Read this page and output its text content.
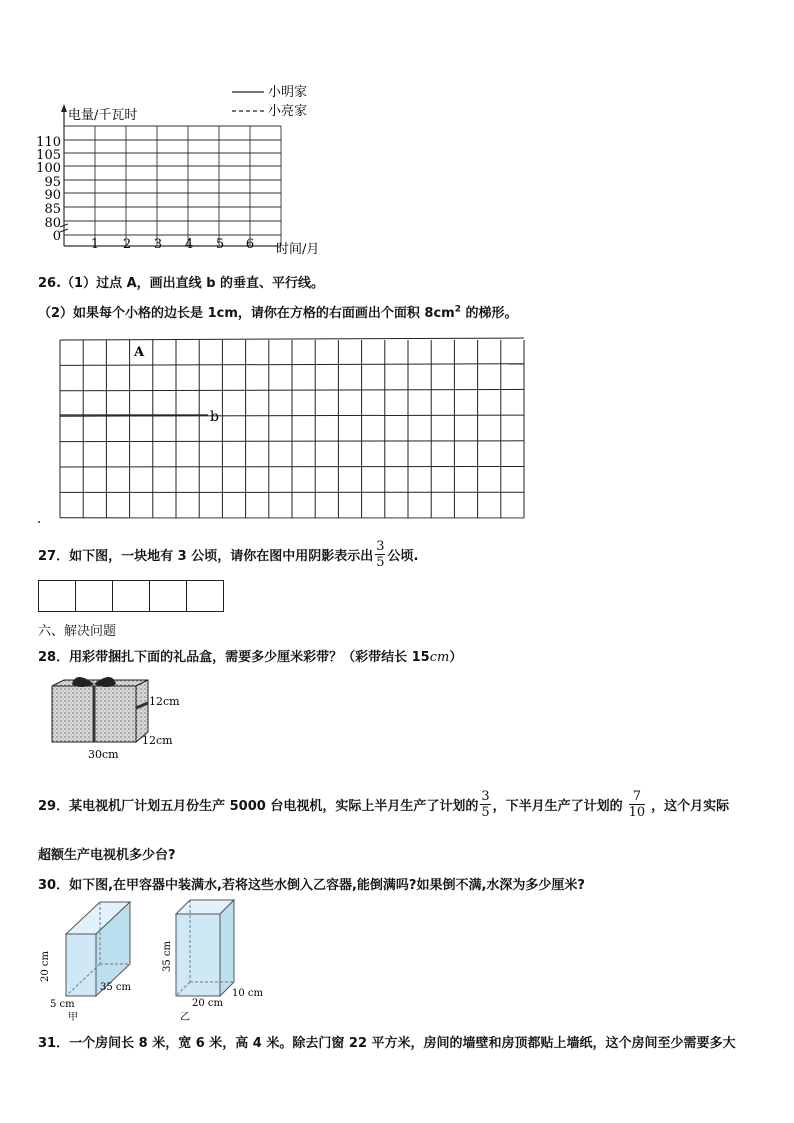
小明家
小亮家
电量/千瓦时
110
105
100
95
90
85
80
0
1 2 3 4 5 6 时间/月
26.（1）过点 A，画出直线 b 的垂直、平行线。
（2）如果每个小格的边长是 1cm，请你在方格的右面画出个面积 $8cm^2$ 的梯形。
b
A
27．如下图，一块地有 3 公顷，请你在图中用阴影表示出 $\frac{3}{5}$ 公顷.
六、解决问题
28．用彩带捆扎下面的礼品盒，需要多少厘米彩带？（彩带结长 15cm）
12cm
12cm
30cm
29．某电视机厂计划五月份生产 5000 台电视机，实际上半月生产了计划的 $\frac{3}{5}$ ，下半月生产了计划的 $\frac{7}{10}$ ，这个月实际
超额生产电视机多少台?
30．如下图,在甲容器中装满水,若将这些水倒入乙容器,能倒满吗?如果倒不满,水深为多少厘米?
20 cm
5 cm
35 cm
甲
35 cm
20 cm
10 cm
乙
31．一个房间长 8 米，宽 6 米，高 4 米。除去门窗 22 平方米，房间的墙壁和房顶都贴上墙纸，这个房间至少需要多大
